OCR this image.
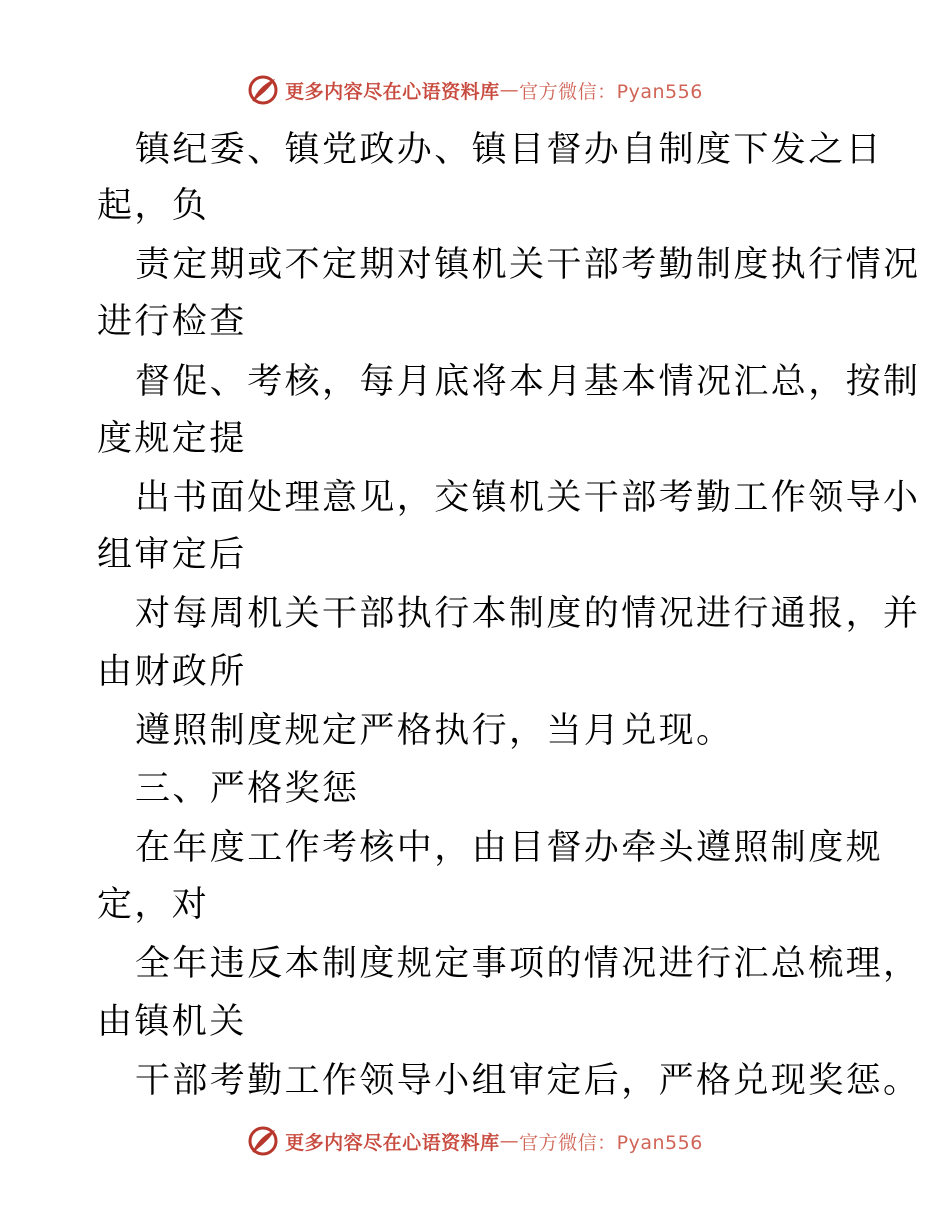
更多内容尽在心语资料库 — 官方微信：Pyan556
镇纪委、镇党政办、镇目督办自制度下发之日
起，负
责定期或不定期对镇机关干部考勤制度执行情况
进行检查
督促、考核，每月底将本月基本情况汇总，按制
度规定提
出书面处理意见，交镇机关干部考勤工作领导小
组审定后
对每周机关干部执行本制度的情况进行通报，并
由财政所
遵照制度规定严格执行，当月兑现。
三、严格奖惩
在年度工作考核中，由目督办牵头遵照制度规
定，对
全年违反本制度规定事项的情况进行汇总梳理，
由镇机关
干部考勤工作领导小组审定后，严格兑现奖惩。
更多内容尽在心语资料库 — 官方微信：Pyan556
